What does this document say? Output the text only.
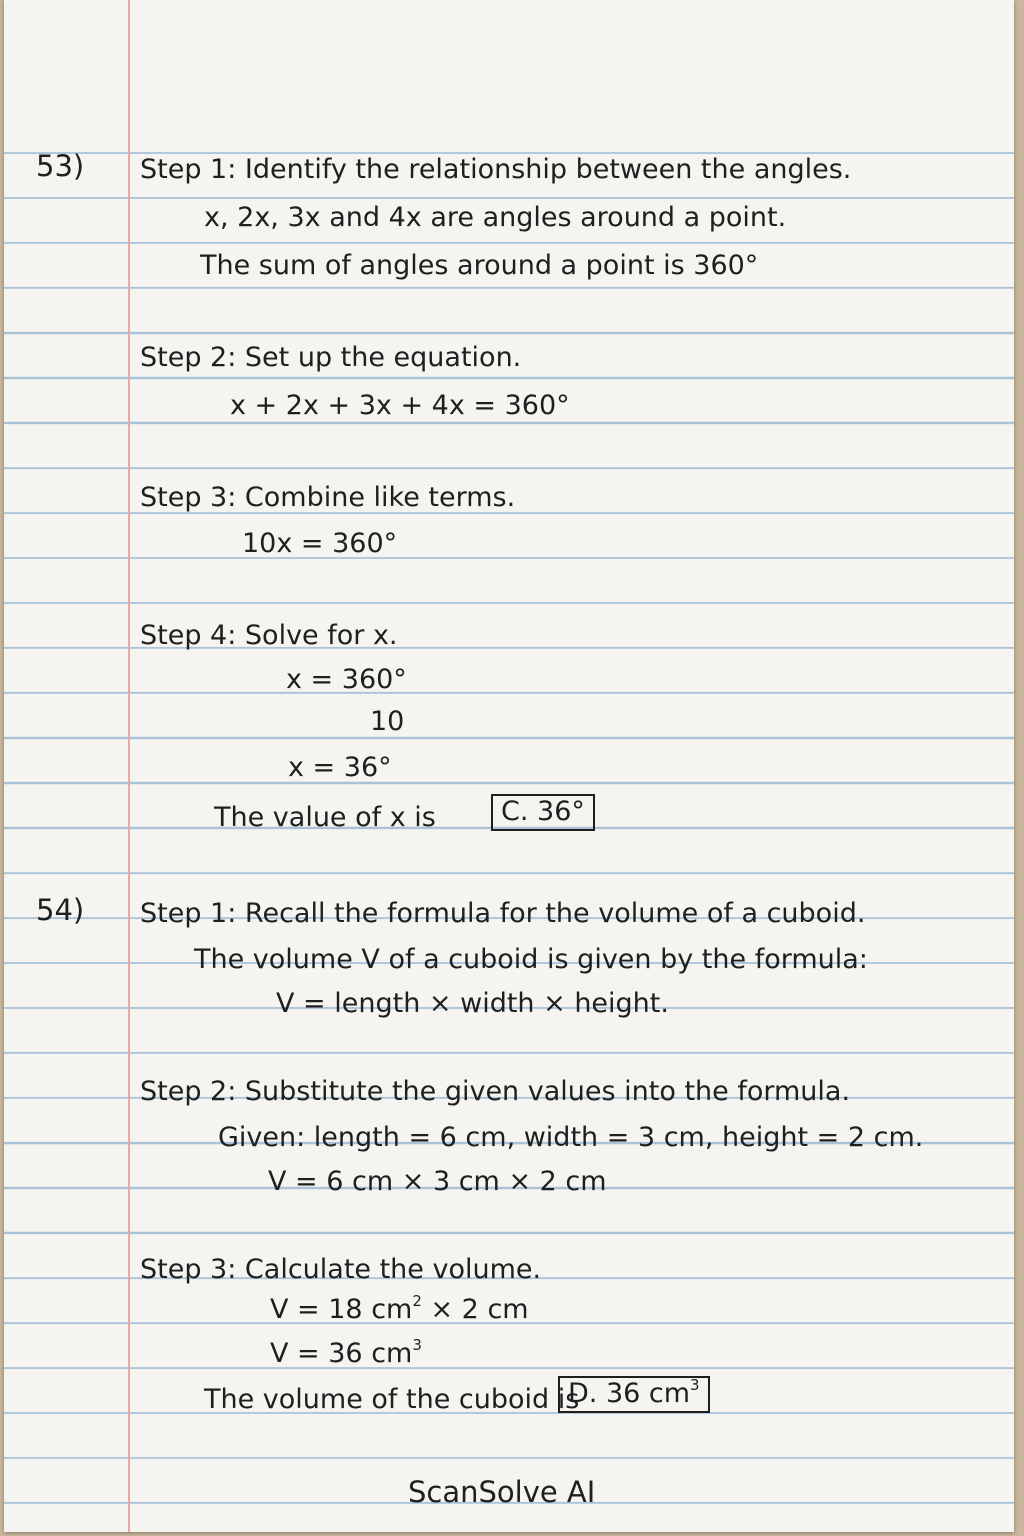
53) Step 1: Identify the relationship between the angles.
x, 2x, 3x and 4x are angles around a point.
The sum of angles around a point is 360°
Step 2: Set up the equation.
x + 2x + 3x + 4x = 360°
Step 3: Combine like terms.
10x = 360°
Step 4: Solve for x.
x = 360°
10
x = 36°
The value of x is	C. 36°
54) Step 1: Recall the formula for the volume of a cuboid.
The volume V of a cuboid is given by the formula:
V = length × width × height.
Step 2: Substitute the given values into the formula.
Given: length = 6 cm, width = 3 cm, height = 2 cm.
V = 6 cm × 3 cm × 2 cm
Step 3: Calculate the volume.
V = 18 $cm^2 \times 2$ cm
V = 36 $cm^3$
The volume of the cuboid is
D. 36 $cm^3$
ScanSolve AI
